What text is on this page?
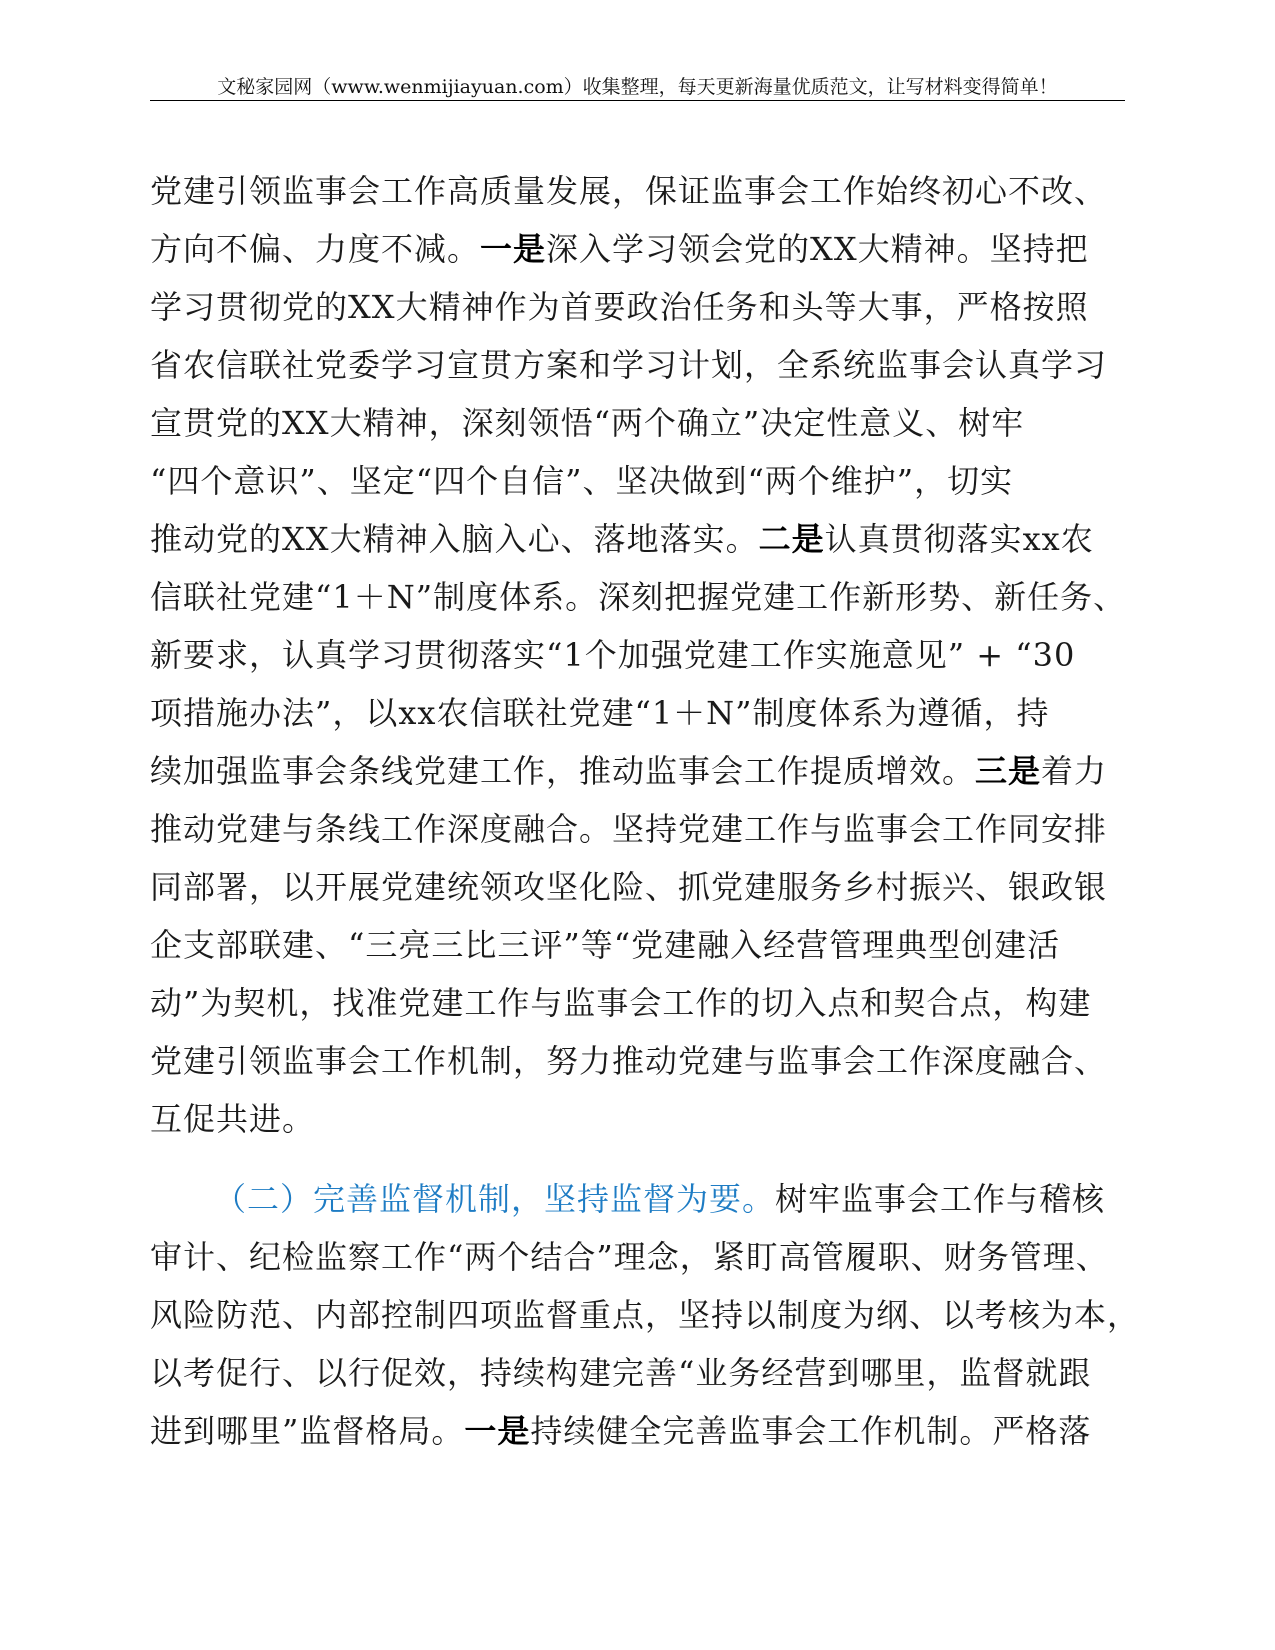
文秘家园网（www.wenmijiayuan.com）收集整理，每天更新海量优质范文，让写材料变得简单！
党建引领监事会工作高质量发展，保证监事会工作始终初心不改、
方向不偏、力度不减。一是深入学习领会党的XX大精神。坚持把
学习贯彻党的XX大精神作为首要政治任务和头等大事，严格按照
省农信联社党委学习宣贯方案和学习计划，全系统监事会认真学习
宣贯党的XX大精神，深刻领悟“两个确立”决定性意义、树牢
“四个意识”、坚定“四个自信”、坚决做到“两个维护”，切实
推动党的XX大精神入脑入心、落地落实。二是认真贯彻落实xx农
信联社党建“1＋N”制度体系。深刻把握党建工作新形势、新任务、
新要求，认真学习贯彻落实“1个加强党建工作实施意见” + “30
项措施办法”，以xx农信联社党建“1＋N”制度体系为遵循，持
续加强监事会条线党建工作，推动监事会工作提质增效。三是着力
推动党建与条线工作深度融合。坚持党建工作与监事会工作同安排
同部署，以开展党建统领攻坚化险、抓党建服务乡村振兴、银政银
企支部联建、“三亮三比三评”等“党建融入经营管理典型创建活
动”为契机，找准党建工作与监事会工作的切入点和契合点，构建
党建引领监事会工作机制，努力推动党建与监事会工作深度融合、
互促共进。
（二）完善监督机制，坚持监督为要。树牢监事会工作与稽核
审计、纪检监察工作“两个结合”理念，紧盯高管履职、财务管理、
风险防范、内部控制四项监督重点，坚持以制度为纲、以考核为本，
以考促行、以行促效，持续构建完善“业务经营到哪里，监督就跟
进到哪里”监督格局。一是持续健全完善监事会工作机制。严格落
